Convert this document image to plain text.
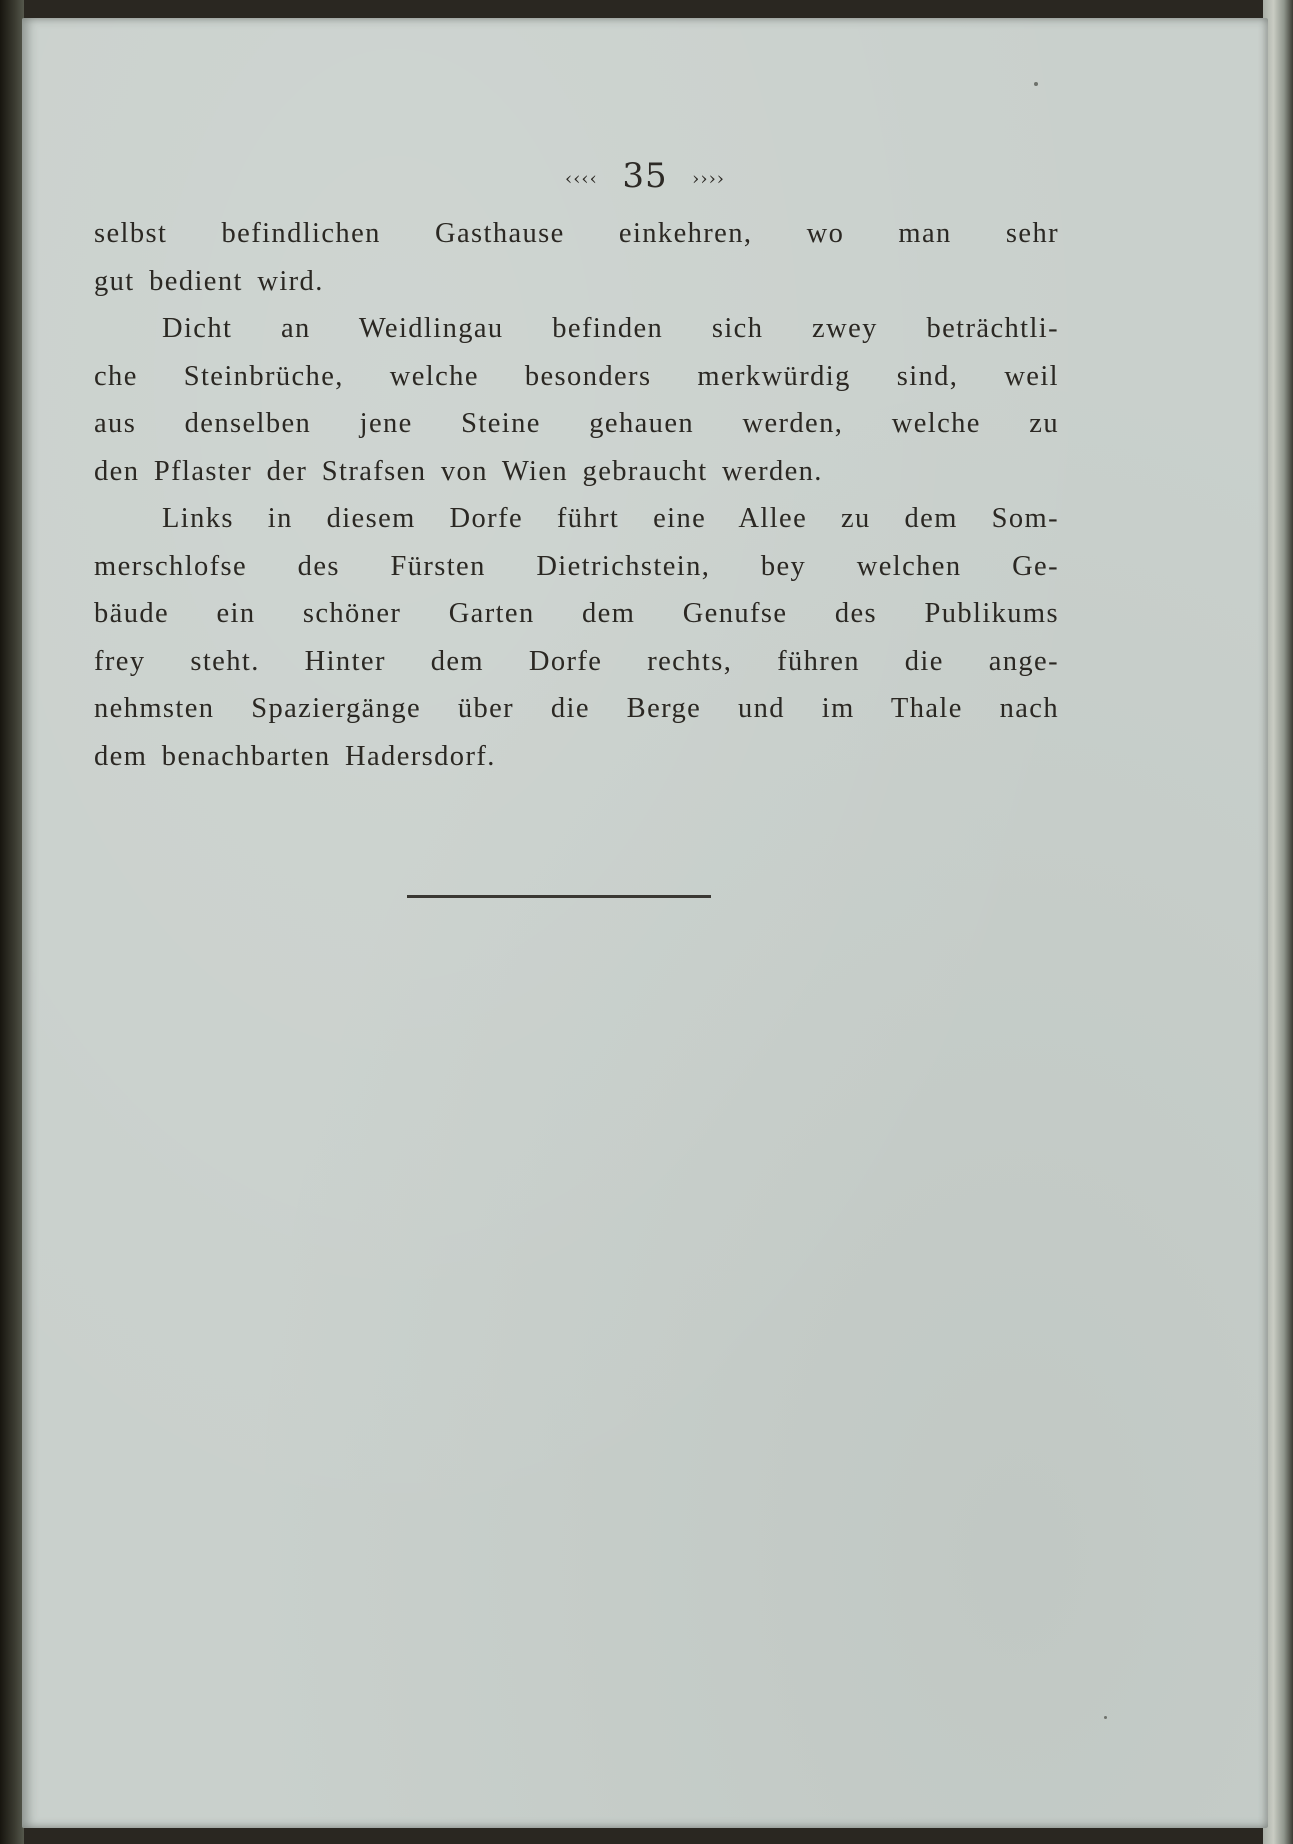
‹‹‹‹ 35 ››››
selbst befindlichen Gasthause einkehren, wo man sehr
gut bedient wird.
Dicht an Weidlingau befinden sich zwey beträchtli-
che Steinbrüche, welche besonders merkwürdig sind, weil
aus denselben jene Steine gehauen werden, welche zu
den Pflaster der Strafsen von Wien gebraucht werden.
Links in diesem Dorfe führt eine Allee zu dem Som-
merschlofse des Fürsten Dietrichstein, bey welchen Ge-
bäude ein schöner Garten dem Genufse des Publikums
frey steht. Hinter dem Dorfe rechts, führen die ange-
nehmsten Spaziergänge über die Berge und im Thale nach
dem benachbarten Hadersdorf.
